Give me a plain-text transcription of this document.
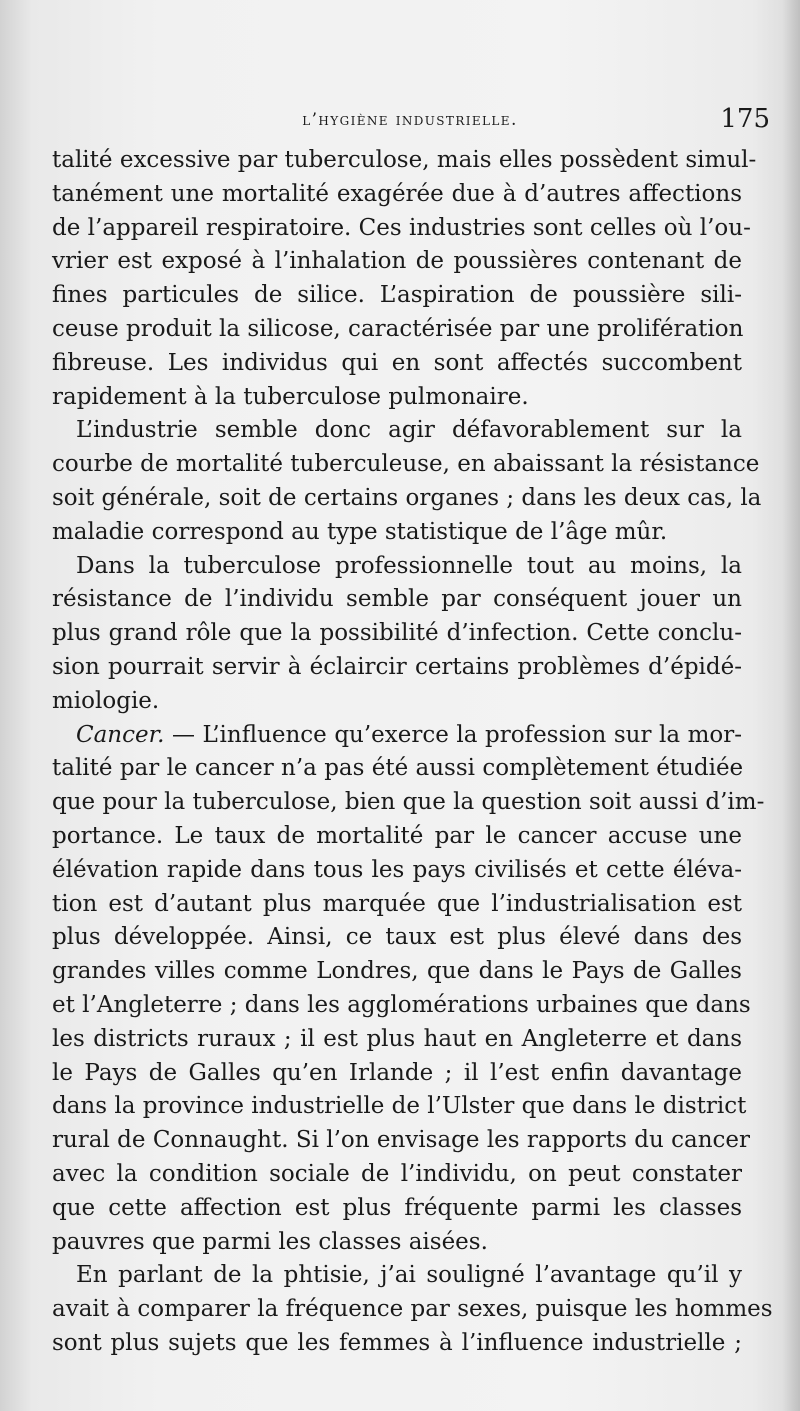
l’hygiène industrielle.	175
talité excessive par tuberculose, mais elles possèdent simul-
tanément une mortalité exagérée due à d’autres affections
de l’appareil respiratoire. Ces industries sont celles où l’ou-
vrier est exposé à l’inhalation de poussières contenant de
fines particules de silice. L’aspiration de poussière sili-
ceuse produit la silicose, caractérisée par une prolifération
fibreuse. Les individus qui en sont affectés succombent
rapidement à la tuberculose pulmonaire.
L’industrie semble donc agir défavorablement sur la
courbe de mortalité tuberculeuse, en abaissant la résistance
soit générale, soit de certains organes ; dans les deux cas, la
maladie correspond au type statistique de l’âge mûr.
Dans la tuberculose professionnelle tout au moins, la
résistance de l’individu semble par conséquent jouer un
plus grand rôle que la possibilité d’infection. Cette conclu-
sion pourrait servir à éclaircir certains problèmes d’épidé-
miologie.
Cancer. — L’influence qu’exerce la profession sur la mor-
talité par le cancer n’a pas été aussi complètement étudiée
que pour la tuberculose, bien que la question soit aussi d’im-
portance. Le taux de mortalité par le cancer accuse une
élévation rapide dans tous les pays civilisés et cette éléva-
tion est d’autant plus marquée que l’industrialisation est
plus développée. Ainsi, ce taux est plus élevé dans des
grandes villes comme Londres, que dans le Pays de Galles
et l’Angleterre ; dans les agglomérations urbaines que dans
les districts ruraux ; il est plus haut en Angleterre et dans
le Pays de Galles qu’en Irlande ; il l’est enfin davantage
dans la province industrielle de l’Ulster que dans le district
rural de Connaught. Si l’on envisage les rapports du cancer
avec la condition sociale de l’individu, on peut constater
que cette affection est plus fréquente parmi les classes
pauvres que parmi les classes aisées.
En parlant de la phtisie, j’ai souligné l’avantage qu’il y
avait à comparer la fréquence par sexes, puisque les hommes
sont plus sujets que les femmes à l’influence industrielle ;
